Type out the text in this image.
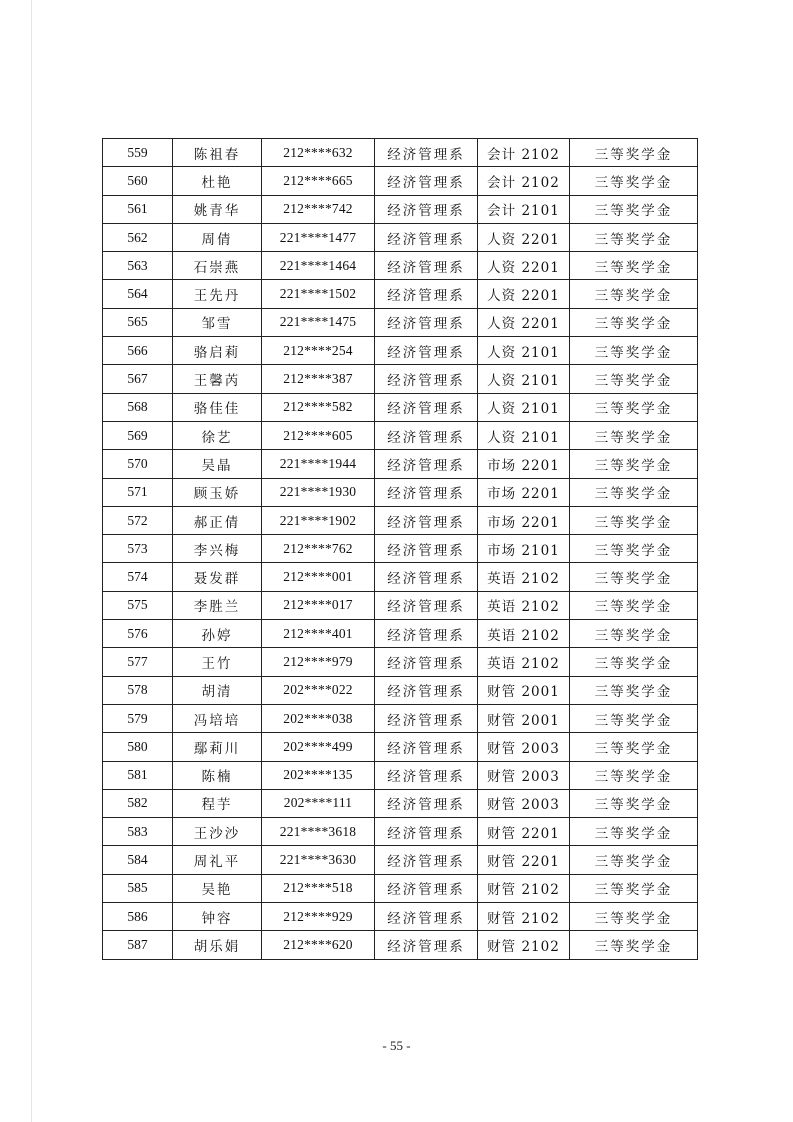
559	陈祖春	212****632	经济管理系	会计 2102	三等奖学金
560	杜艳	212****665	经济管理系	会计 2102	三等奖学金
561	姚青华	212****742	经济管理系	会计 2101	三等奖学金
562	周倩	221****1477	经济管理系	人资 2201	三等奖学金
563	石崇燕	221****1464	经济管理系	人资 2201	三等奖学金
564	王先丹	221****1502	经济管理系	人资 2201	三等奖学金
565	邹雪	221****1475	经济管理系	人资 2201	三等奖学金
566	骆启莉	212****254	经济管理系	人资 2101	三等奖学金
567	王馨芮	212****387	经济管理系	人资 2101	三等奖学金
568	骆佳佳	212****582	经济管理系	人资 2101	三等奖学金
569	徐艺	212****605	经济管理系	人资 2101	三等奖学金
570	吴晶	221****1944	经济管理系	市场 2201	三等奖学金
571	顾玉娇	221****1930	经济管理系	市场 2201	三等奖学金
572	郝正倩	221****1902	经济管理系	市场 2201	三等奖学金
573	李兴梅	212****762	经济管理系	市场 2101	三等奖学金
574	聂发群	212****001	经济管理系	英语 2102	三等奖学金
575	李胜兰	212****017	经济管理系	英语 2102	三等奖学金
576	孙婷	212****401	经济管理系	英语 2102	三等奖学金
577	王竹	212****979	经济管理系	英语 2102	三等奖学金
578	胡清	202****022	经济管理系	财管 2001	三等奖学金
579	冯培培	202****038	经济管理系	财管 2001	三等奖学金
580	鄢莉川	202****499	经济管理系	财管 2003	三等奖学金
581	陈楠	202****135	经济管理系	财管 2003	三等奖学金
582	程芋	202****111	经济管理系	财管 2003	三等奖学金
583	王沙沙	221****3618	经济管理系	财管 2201	三等奖学金
584	周礼平	221****3630	经济管理系	财管 2201	三等奖学金
585	吴艳	212****518	经济管理系	财管 2102	三等奖学金
586	钟容	212****929	经济管理系	财管 2102	三等奖学金
587	胡乐娟	212****620	经济管理系	财管 2102	三等奖学金
- 55 -
